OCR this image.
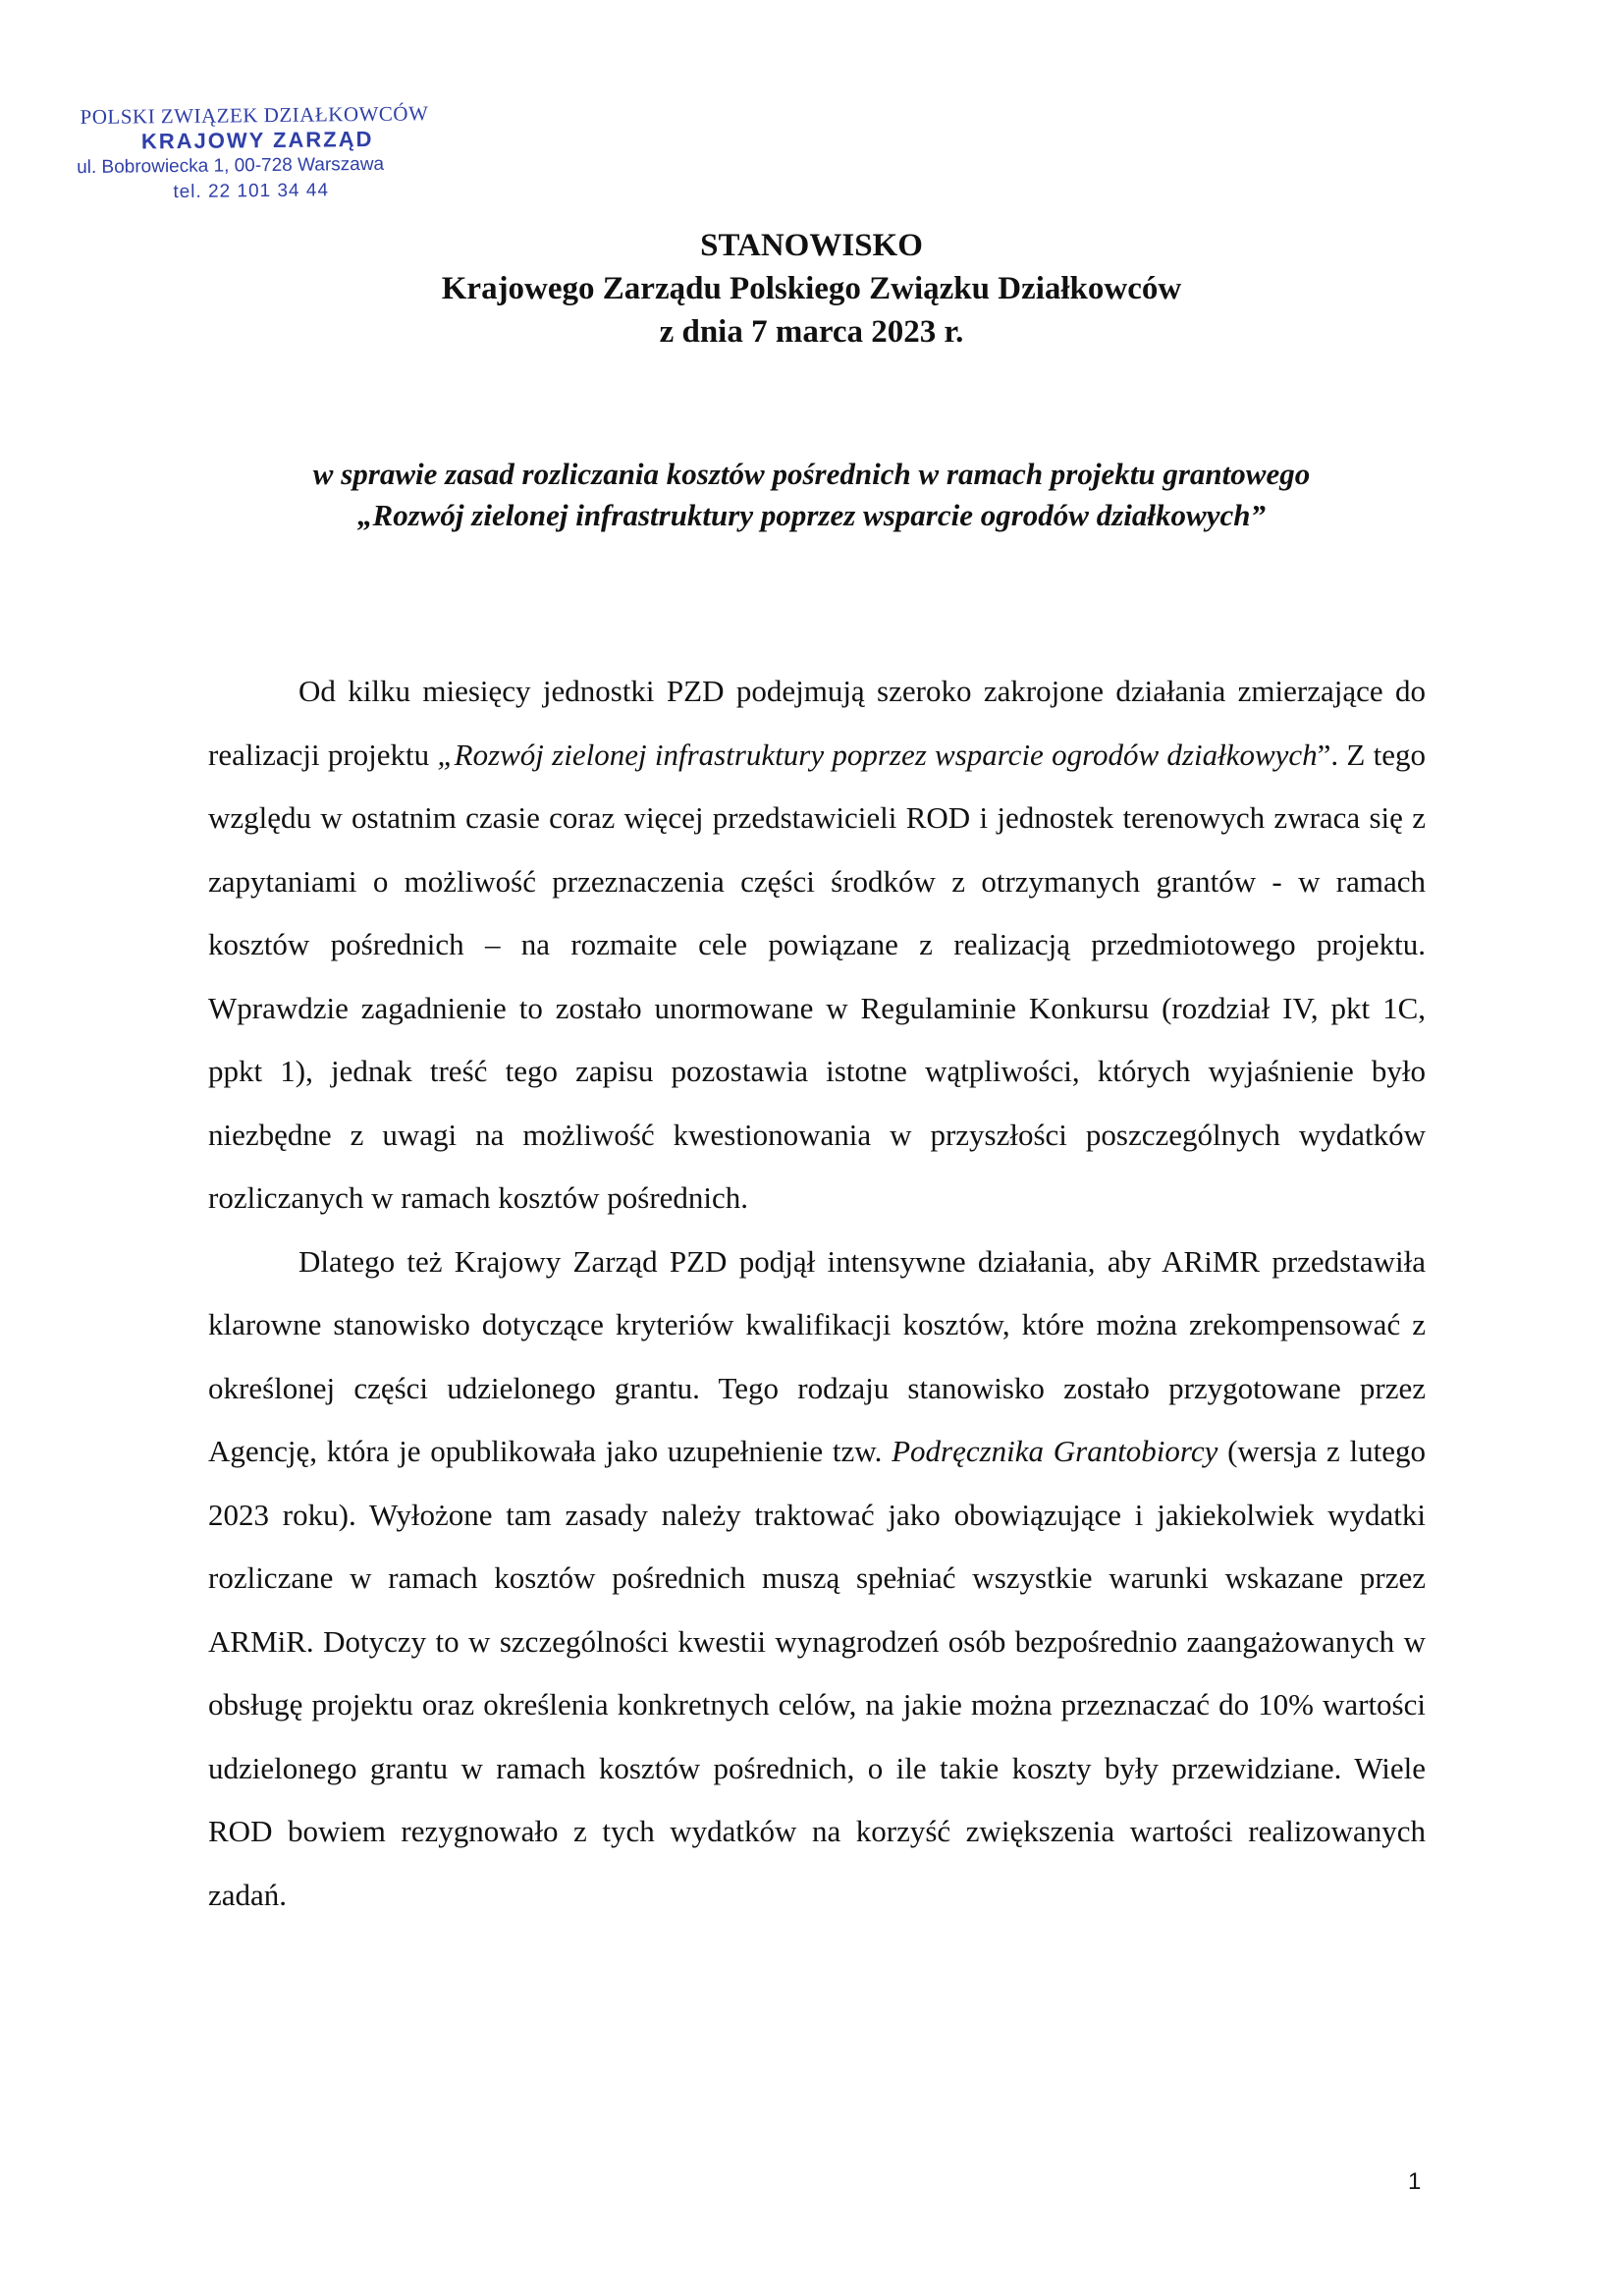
POLSKI ZWIĄZEK DZIAŁKOWCÓW
KRAJOWY ZARZĄD
ul. Bobrowiecka 1, 00-728 Warszawa
tel. 22 101 34 44
STANOWISKO
Krajowego Zarządu Polskiego Związku Działkowców
z dnia 7 marca 2023 r.
w sprawie zasad rozliczania kosztów pośrednich w ramach projektu grantowego
„Rozwój zielonej infrastruktury poprzez wsparcie ogrodów działkowych”

Od kilku miesięcy jednostki PZD podejmują szeroko zakrojone działania zmierzające do realizacji projektu „Rozwój zielonej infrastruktury poprzez wsparcie ogrodów działkowych”. Z tego względu w ostatnim czasie coraz więcej przedstawicieli ROD i jednostek terenowych zwraca się z zapytaniami o możliwość przeznaczenia części środków z otrzymanych grantów - w ramach kosztów pośrednich – na rozmaite cele powiązane z realizacją przedmiotowego projektu. Wprawdzie zagadnienie to zostało unormowane w Regulaminie Konkursu (rozdział IV, pkt 1C, ppkt 1), jednak treść tego zapisu pozostawia istotne wątpliwości, których wyjaśnienie było niezbędne z uwagi na możliwość kwestionowania w przyszłości poszczególnych wydatków rozliczanych w ramach kosztów pośrednich.

Dlatego też Krajowy Zarząd PZD podjął intensywne działania, aby ARiMR przedstawiła klarowne stanowisko dotyczące kryteriów kwalifikacji kosztów, które można zrekompensować z określonej części udzielonego grantu. Tego rodzaju stanowisko zostało przygotowane przez Agencję, która je opublikowała jako uzupełnienie tzw. Podręcznika Grantobiorcy (wersja z lutego 2023 roku). Wyłożone tam zasady należy traktować jako obowiązujące i jakiekolwiek wydatki rozliczane w ramach kosztów pośrednich muszą spełniać wszystkie warunki wskazane przez ARMiR. Dotyczy to w szczególności kwestii wynagrodzeń osób bezpośrednio zaangażowanych w obsługę projektu oraz określenia konkretnych celów, na jakie można przeznaczać do 10% wartości udzielonego grantu w ramach kosztów pośrednich, o ile takie koszty były przewidziane. Wiele ROD bowiem rezygnowało z tych wydatków na korzyść zwiększenia wartości realizowanych zadań.

1
